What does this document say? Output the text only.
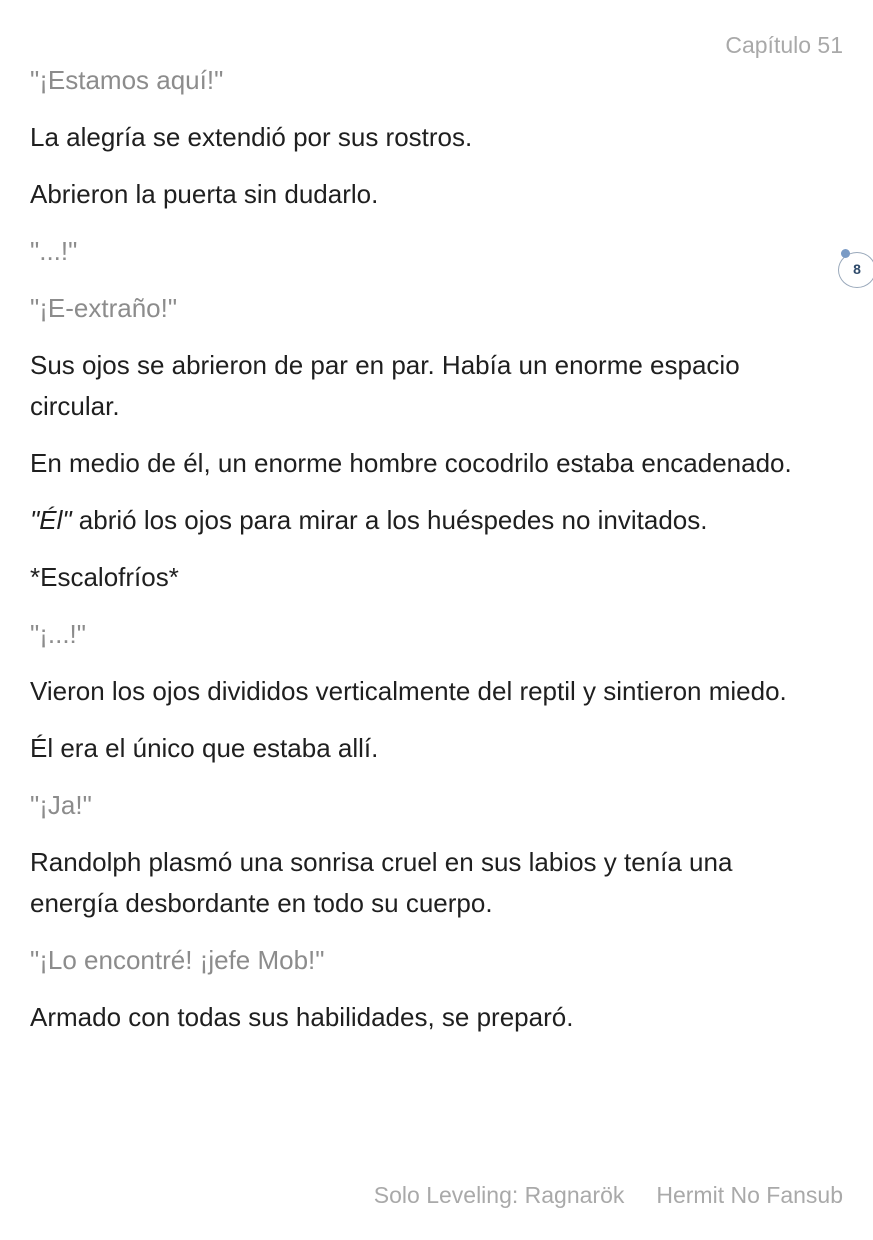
Capítulo 51

"¡Estamos aquí!"

La alegría se extendió por sus rostros.

Abrieron la puerta sin dudarlo.

"...!"

"¡E-extraño!"

Sus ojos se abrieron de par en par. Había un enorme espacio circular.

En medio de él, un enorme hombre cocodrilo estaba encadenado.

"Él" abrió los ojos para mirar a los huéspedes no invitados.

*Escalofríos*

"¡...!"

Vieron los ojos divididos verticalmente del reptil y sintieron miedo.

Él era el único que estaba allí.

"¡Ja!"

Randolph plasmó una sonrisa cruel en sus labios y tenía una energía desbordante en todo su cuerpo.

"¡Lo encontré! ¡jefe Mob!"

Armado con todas sus habilidades, se preparó.

8
Solo Leveling: Ragnarök Hermit No Fansub
